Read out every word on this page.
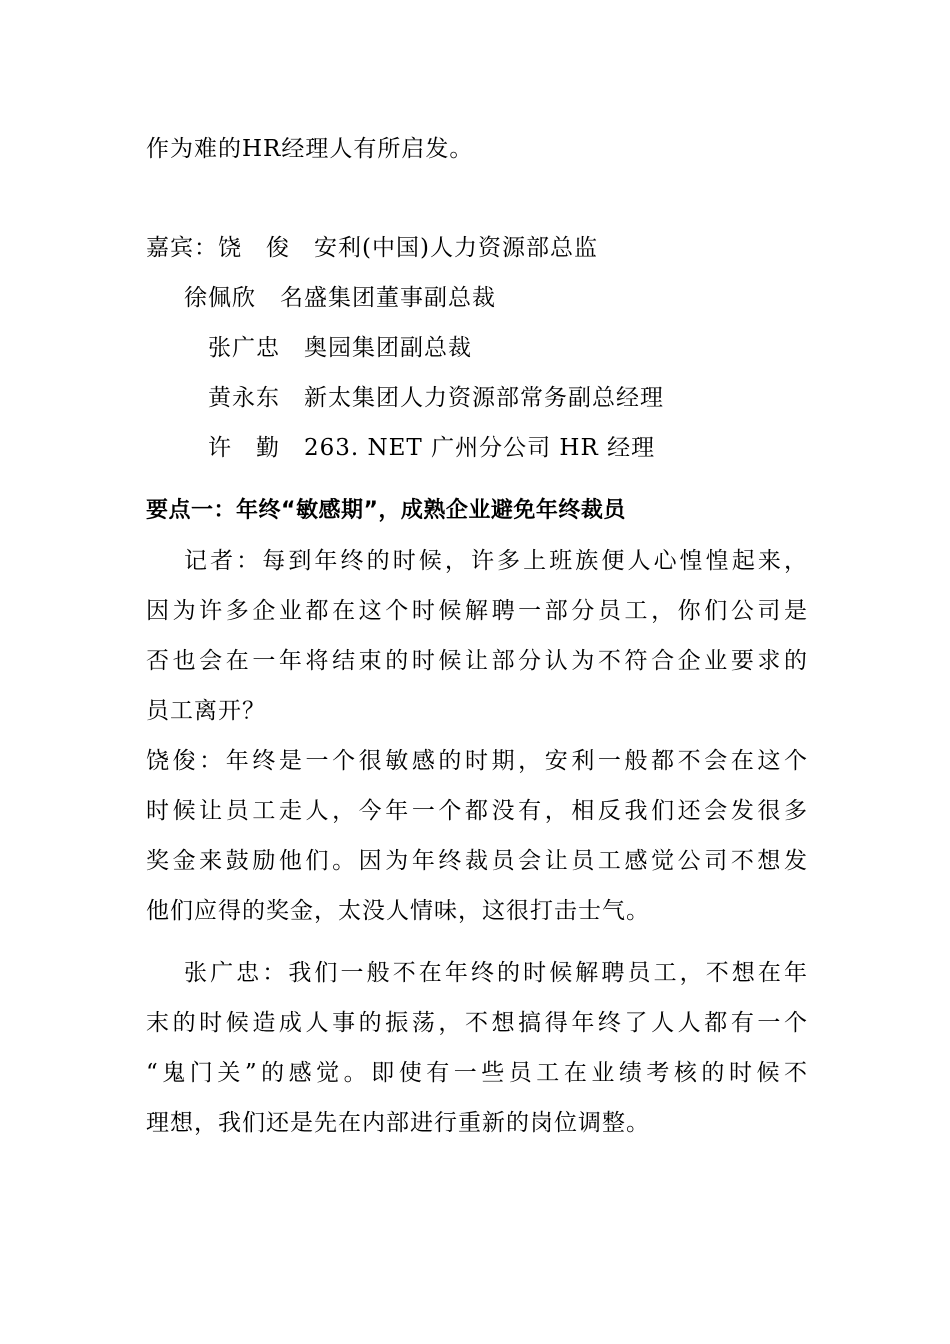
作为难的HR经理人有所启发。
嘉宾：饶　俊 安利(中国)人力资源部总监
徐佩欣 名盛集团董事副总裁
张广忠 奥园集团副总裁
黄永东 新太集团人力资源部常务副总经理
许　勤 263. NET 广州分公司 HR 经理
要点一：年终“敏感期”，成熟企业避免年终裁员
记者：每到年终的时候，许多上班族便人心惶惶起来，
因为许多企业都在这个时候解聘一部分员工，你们公司是
否也会在一年将结束的时候让部分认为不符合企业要求的
员工离开？
饶俊：年终是一个很敏感的时期，安利一般都不会在这个
时候让员工走人，今年一个都没有，相反我们还会发很多
奖金来鼓励他们。因为年终裁员会让员工感觉公司不想发
他们应得的奖金，太没人情味，这很打击士气。
张广忠：我们一般不在年终的时候解聘员工，不想在年
末的时候造成人事的振荡，不想搞得年终了人人都有一个
“鬼门关”的感觉。即使有一些员工在业绩考核的时候不
理想，我们还是先在内部进行重新的岗位调整。
